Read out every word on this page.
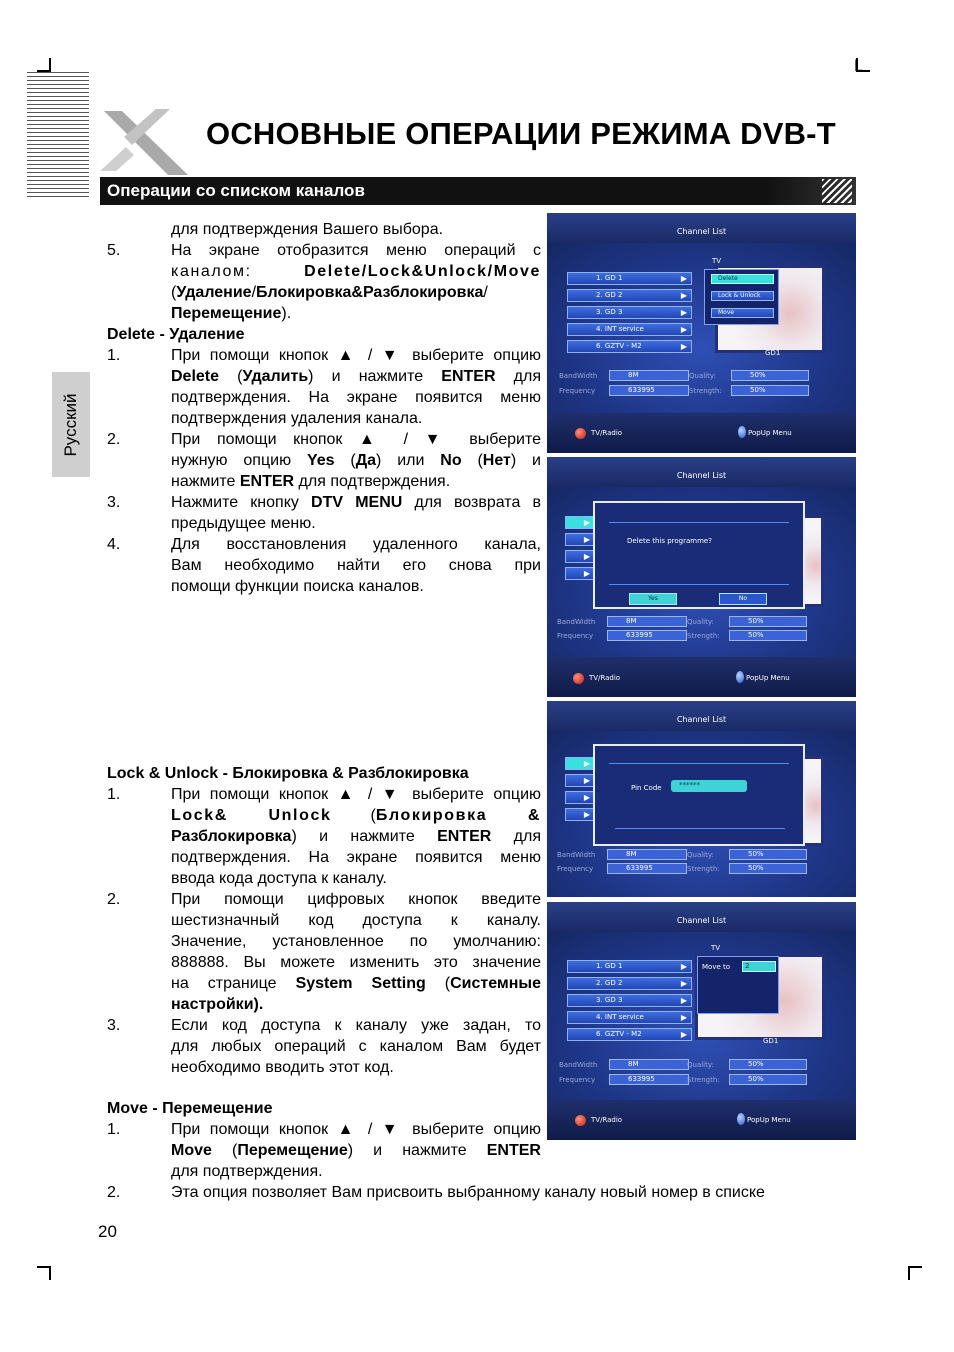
ОСНОВНЫЕ ОПЕРАЦИИ РЕЖИМА DVB-T
Операции со списком каналов
Русский
для подтверждения Вашего выбора.
5.	На экране отобразится меню операций с
каналом: Delete/Lock&Unlock/Move
(Удаление/Блокировка&Разблокировка/
Перемещение).
Delete - Удаление
1.	При помощи кнопок ▲ / ▼ выберите опцию
Delete (Удалить) и нажмите ENTER для
подтверждения. На экране появится меню
подтверждения удаления канала.
2.	При помощи кнопок ▲ / ▼ выберите
нужную опцию Yes (Да) или No (Нет) и
нажмите ENTER для подтверждения.
3.	Нажмите кнопку DTV MENU для возврата в
предыдущее меню.
4.	Для восстановления удаленного канала,
Вам необходимо найти его снова при
помощи функции поиска каналов.
Lock & Unlock - Блокировка & Разблокировка
1.	При помощи кнопок ▲ / ▼ выберите опцию
Lock& Unlock (Блокировка &
Разблокировка) и нажмите ENTER для
подтверждения. На экране появится меню
ввода кода доступа к каналу.
2.	При помощи цифровых кнопок введите
шестизначный код доступа к каналу.
Значение, установленное по умолчанию:
888888. Вы можете изменить это значение
на странице System Setting (Системные
настройки).
3.	Если код доступа к каналу уже задан, то
для любых операций с каналом Вам будет
необходимо вводить этот код.
Move - Перемещение
1.	При помощи кнопок ▲ / ▼ выберите опцию
Move (Перемещение) и нажмите ENTER
для подтверждения.
2.	Эта опция позволяет Вам присвоить выбранному каналу новый номер в списке
20
L
Channel List
TV
1. GD 1 ▶
2. GD 2 ▶
3. GD 3 ▶
4. INT service ▶
6. GZTV - M2 ▶
Delete
Lock & Unlock
Move
GD1
BandWidth	8M
Frequency	633995
Quality:	50%
Strength:	50%
TV/Radio	PopUp Menu
Channel List
▶
▶
▶
▶
Delete this programme?
Yes	No
BandWidth	8M
Frequency	633995
Quality:	50%
Strength:	50%
TV/Radio	PopUp Menu
Channel List
▶
▶
▶
▶
Pin Code	******
BandWidth	8M
Frequency	633995
Quality:	50%
Strength:	50%
Channel List
TV
1. GD 1 ▶
2. GD 2 ▶
3. GD 3 ▶
4. INT service ▶
6. GZTV - M2 ▶
Move to	2
GD1
BandWidth	8M
Frequency	633995
Quality:	50%
Strength:	50%
TV/Radio	PopUp Menu
